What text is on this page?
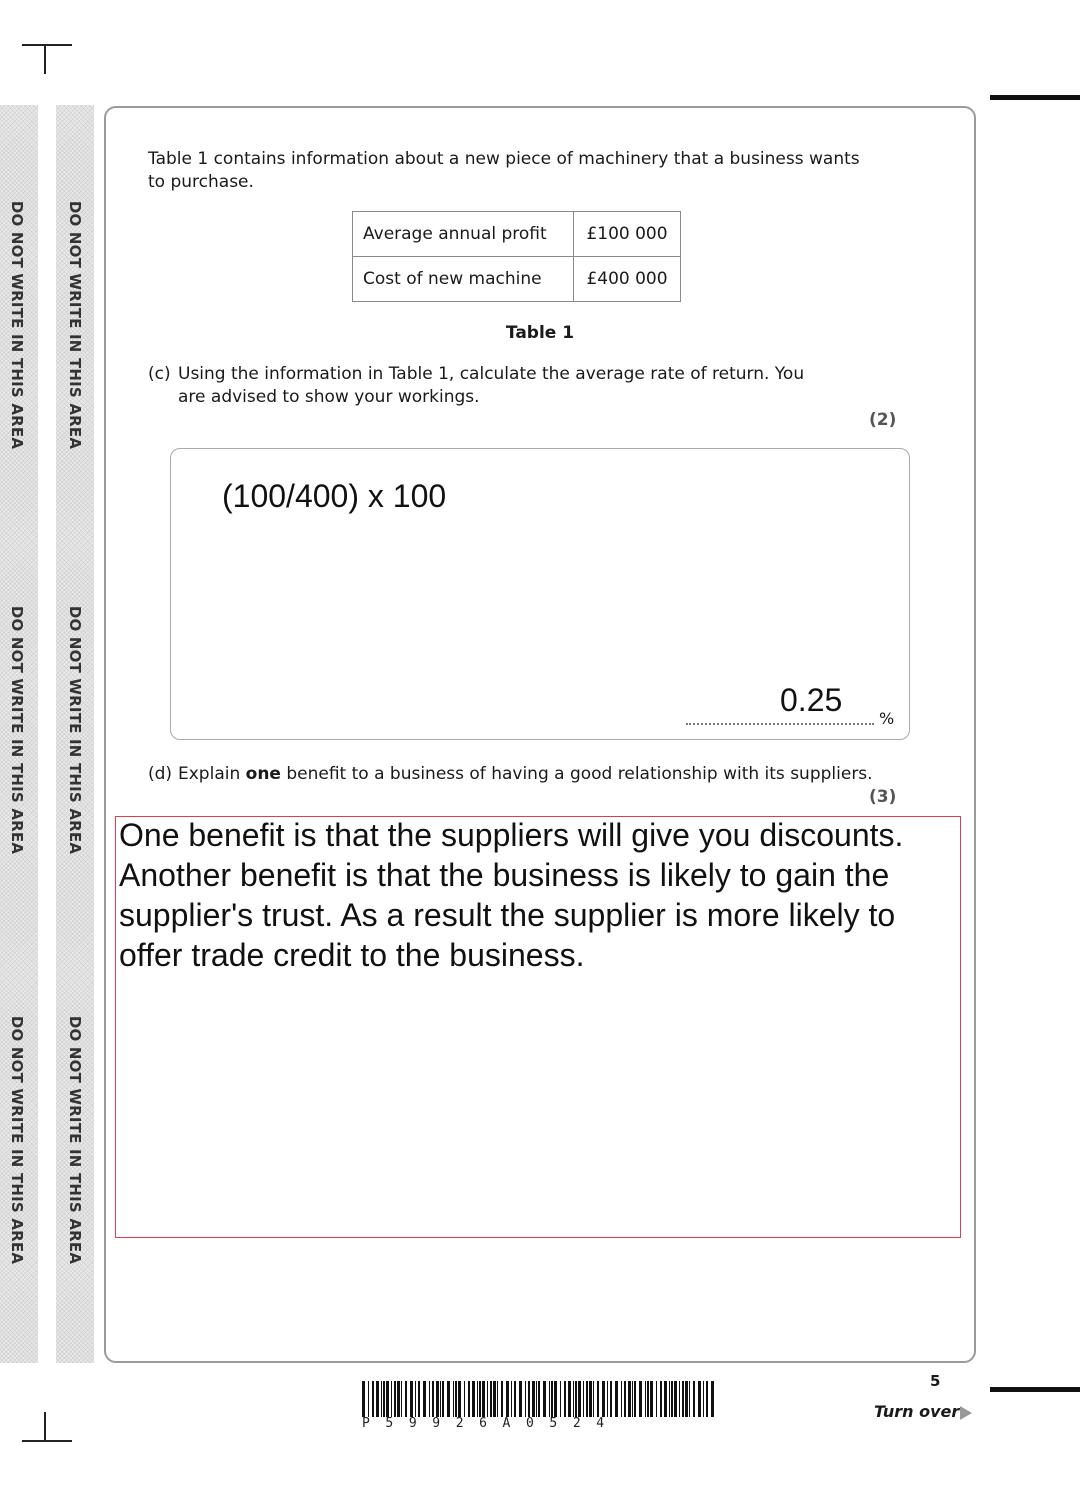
DO NOT WRITE IN THIS AREA
DO NOT WRITE IN THIS AREA
DO NOT WRITE IN THIS AREA
DO NOT WRITE IN THIS AREA
DO NOT WRITE IN THIS AREA
DO NOT WRITE IN THIS AREA
Table 1 contains information about a new piece of machinery that a business wants to purchase.
Average annual profit	£100 000
Cost of new machine	£400 000
Table 1
(c) Using the information in Table 1, calculate the average rate of return. You are advised to show your workings.
(2)
(100/400) x 100
0.25
%
(d) Explain one benefit to a business of having a good relationship with its suppliers.
(3)
One benefit is that the suppliers will give you discounts. Another benefit is that the business is likely to gain the supplier's trust. As a result the supplier is more likely to offer trade credit to the business.
P59926A0524
5
Turn over
